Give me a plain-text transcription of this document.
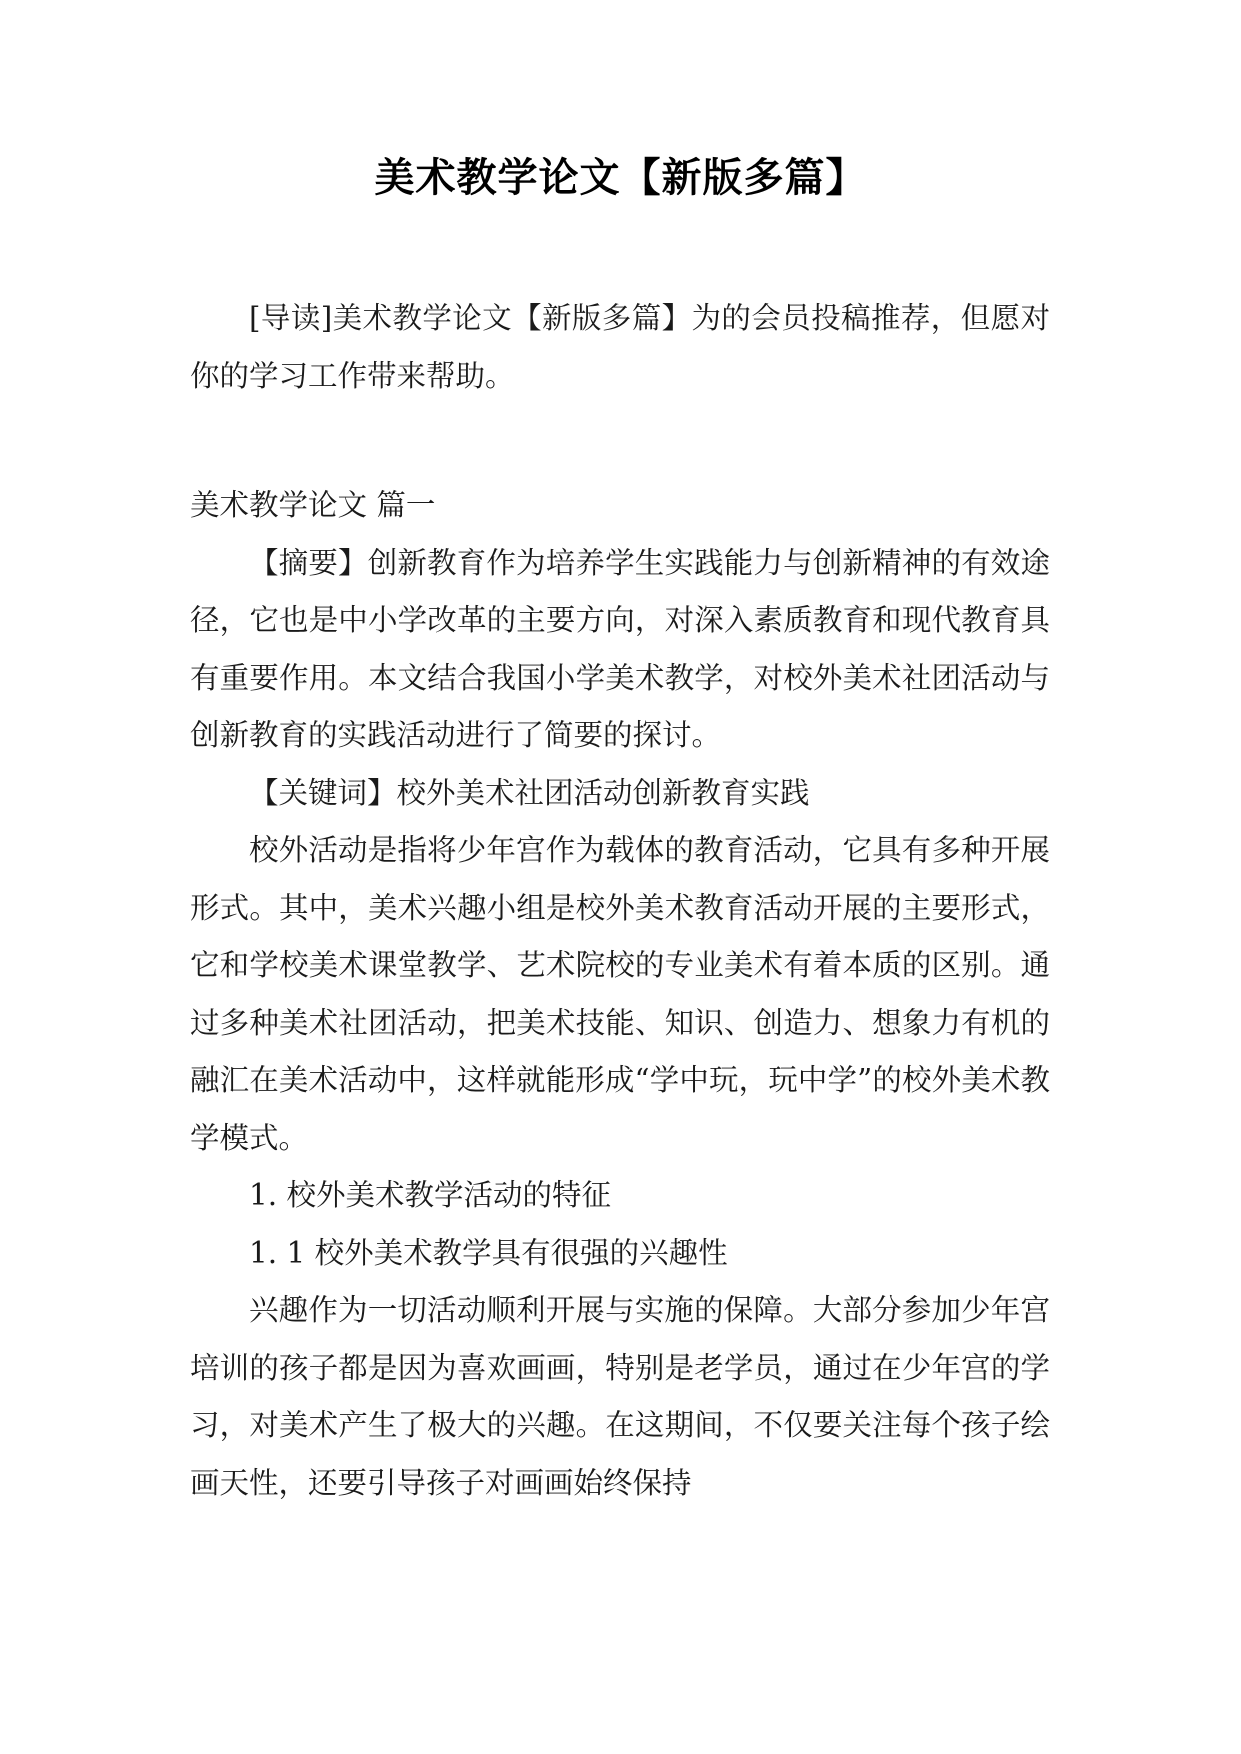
美术教学论文【新版多篇】

[导读]美术教学论文【新版多篇】为的会员投稿推荐，但愿对你的学习工作带来帮助。

美术教学论文 篇一

【摘要】创新教育作为培养学生实践能力与创新精神的有效途径，它也是中小学改革的主要方向，对深入素质教育和现代教育具有重要作用。本文结合我国小学美术教学，对校外美术社团活动与创新教育的实践活动进行了简要的探讨。

【关键词】校外美术社团活动创新教育实践

校外活动是指将少年宫作为载体的教育活动，它具有多种开展形式。其中，美术兴趣小组是校外美术教育活动开展的主要形式，它和学校美术课堂教学、艺术院校的专业美术有着本质的区别。通过多种美术社团活动，把美术技能、知识、创造力、想象力有机的融汇在美术活动中，这样就能形成“学中玩，玩中学”的校外美术教学模式。

1. 校外美术教学活动的特征

1. 1 校外美术教学具有很强的兴趣性

兴趣作为一切活动顺利开展与实施的保障。大部分参加少年宫培训的孩子都是因为喜欢画画，特别是老学员，通过在少年宫的学习，对美术产生了极大的兴趣。在这期间，不仅要关注每个孩子绘画天性，还要引导孩子对画画始终保持
